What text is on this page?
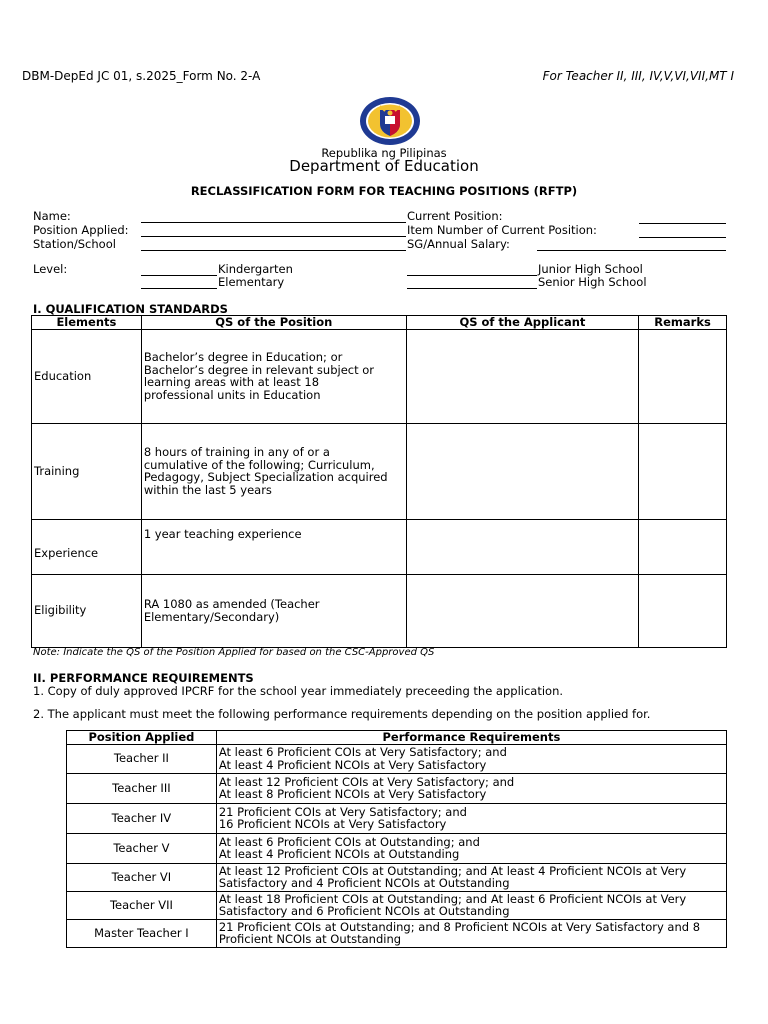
DBM-DepEd JC 01, s.2025_Form No. 2-A	For Teacher II, III, IV,V,VI,VII,MT I
Republika ng Pilipinas
Department of Education
RECLASSIFICATION FORM FOR TEACHING POSITIONS (RFTP)
Name:
Position Applied:
Station/School
Current Position:
Item Number of Current Position:
SG/Annual Salary:
Level:	Kindergarten
Elementary
Junior High School
Senior High School
I. QUALIFICATION STANDARDS
Elements	QS of the Position	QS of the Applicant	Remarks
Education	Bachelor’s degree in Education; or Bachelor’s degree in relevant subject or learning areas with at least 18 professional units in Education		

Training	8 hours of training in any of or a cumulative of the following; Curriculum, Pedagogy, Subject Specialization acquired within the last 5 years		

Experience	1 year teaching experience		
Eligibility	RA 1080 as amended (Teacher Elementary/Secondary)		

Note: Indicate the QS of the Position Applied for based on the CSC-Approved QS
II. PERFORMANCE REQUIREMENTS
1. Copy of duly approved IPCRF for the school year immediately preceeding the application.
2. The applicant must meet the following performance requirements depending on the position applied for.
Position Applied	Performance Requirements
Teacher II	At least 6 Proficient COIs at Very Satisfactory; and
At least 4 Proficient NCOIs at Very Satisfactory

Teacher III	At least 12 Proficient COIs at Very Satisfactory; and
At least 8 Proficient NCOIs at Very Satisfactory

Teacher IV	21 Proficient COIs at Very Satisfactory; and
16 Proficient NCOIs at Very Satisfactory

Teacher V	At least 6 Proficient COIs at Outstanding; and
At least 4 Proficient NCOIs at Outstanding

Teacher VI	At least 12 Proficient COIs at Outstanding; and At least 4 Proficient NCOIs at Very
Satisfactory and 4 Proficient NCOIs at Outstanding

Teacher VII	At least 18 Proficient COIs at Outstanding; and At least 6 Proficient NCOIs at Very
Satisfactory and 6 Proficient NCOIs at Outstanding

Master Teacher I	21 Proficient COIs at Outstanding; and 8 Proficient NCOIs at Very Satisfactory and 8
Proficient NCOIs at Outstanding
